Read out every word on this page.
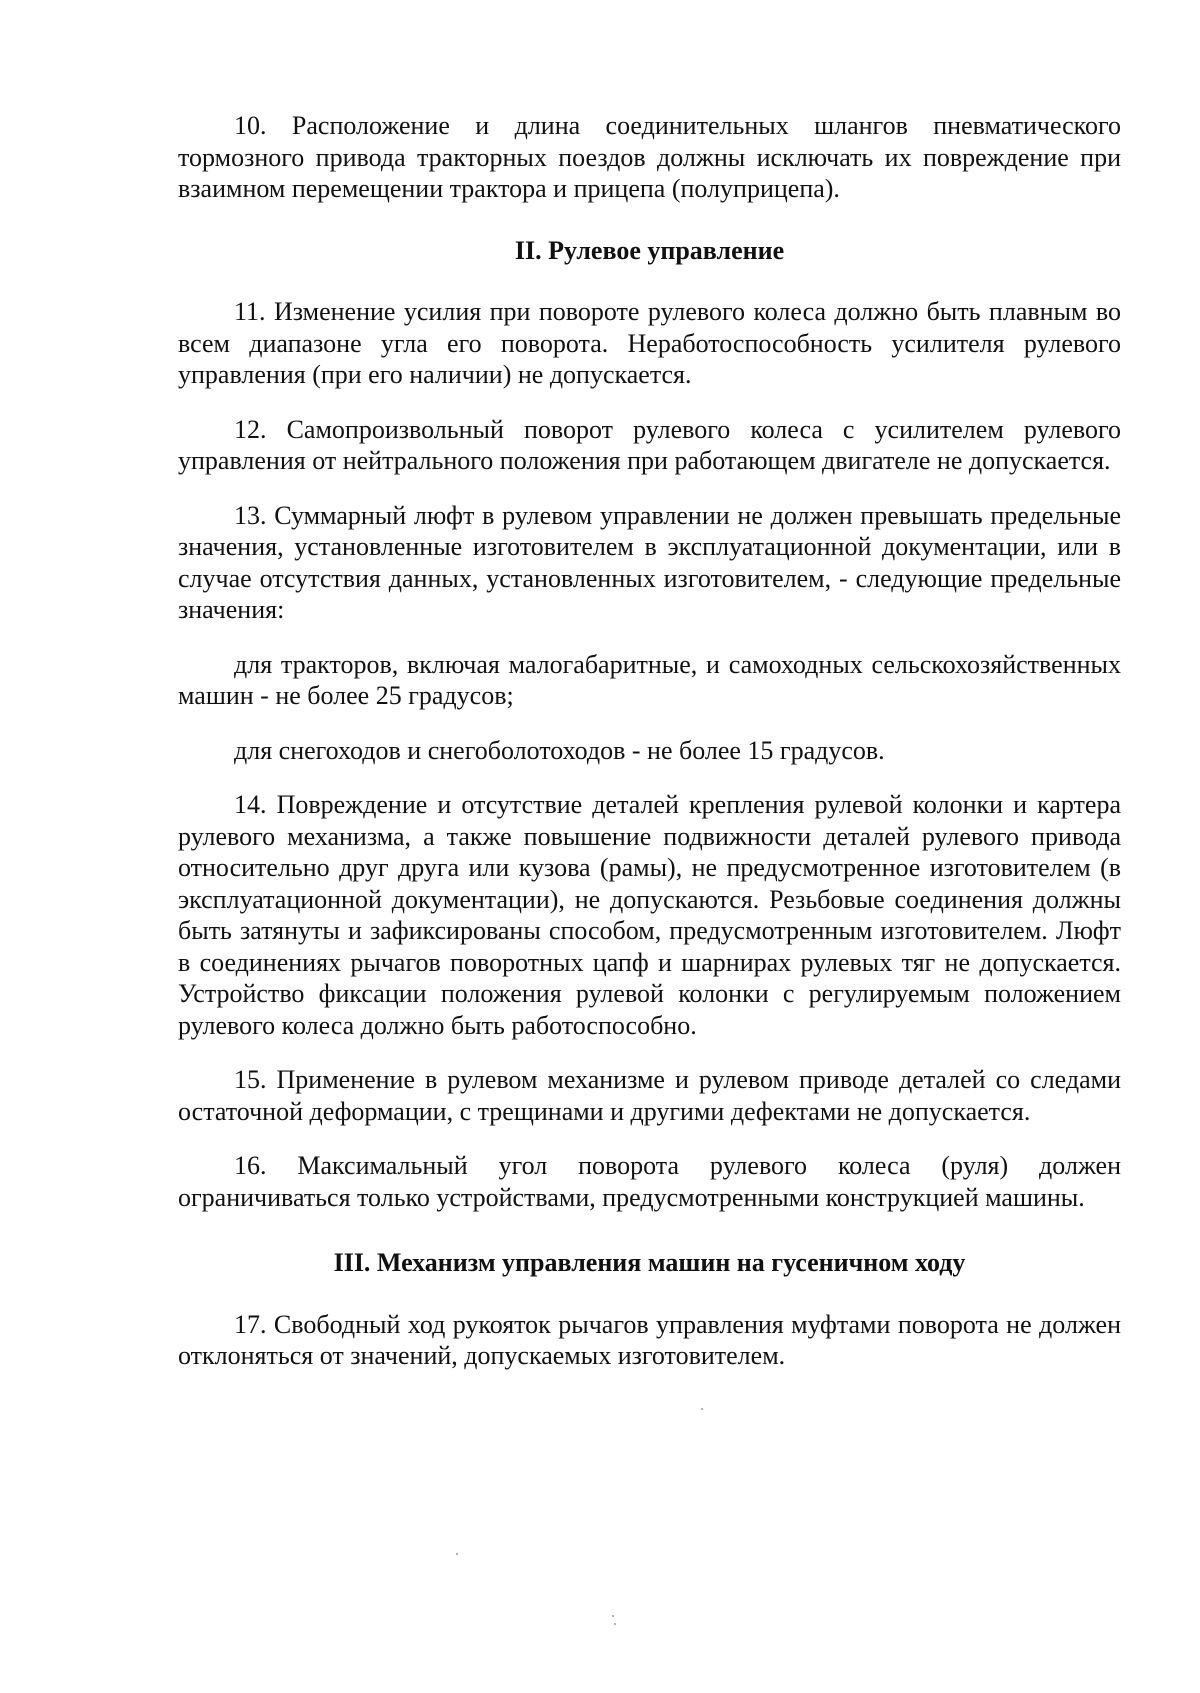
10. Расположение и длина соединительных шлангов пневматического тормозного привода тракторных поездов должны исключать их повреждение при взаимном перемещении трактора и прицепа (полуприцепа).

II. Рулевое управление

11. Изменение усилия при повороте рулевого колеса должно быть плавным во всем диапазоне угла его поворота. Неработоспособность усилителя рулевого управления (при его наличии) не допускается.

12. Самопроизвольный поворот рулевого колеса с усилителем рулевого управления от нейтрального положения при работающем двигателе не допускается.

13. Суммарный люфт в рулевом управлении не должен превышать предельные значения, установленные изготовителем в эксплуатационной документации, или в случае отсутствия данных, установленных изготовителем, - следующие предельные значения:

для тракторов, включая малогабаритные, и самоходных сельскохозяйственных машин - не более 25 градусов;

для снегоходов и снегоболотоходов - не более 15 градусов.

14. Повреждение и отсутствие деталей крепления рулевой колонки и картера рулевого механизма, а также повышение подвижности деталей рулевого привода относительно друг друга или кузова (рамы), не предусмотренное изготовителем (в эксплуатационной документации), не допускаются. Резьбовые соединения должны быть затянуты и зафиксированы способом, предусмотренным изготовителем. Люфт в соединениях рычагов поворотных цапф и шарнирах рулевых тяг не допускается. Устройство фиксации положения рулевой колонки с регулируемым положением рулевого колеса должно быть работоспособно.

15. Применение в рулевом механизме и рулевом приводе деталей со следами остаточной деформации, с трещинами и другими дефектами не допускается.

16. Максимальный угол поворота рулевого колеса (руля) должен ограничиваться только устройствами, предусмотренными конструкцией машины.

III. Механизм управления машин на гусеничном ходу

17. Свободный ход рукояток рычагов управления муфтами поворота не должен отклоняться от значений, допускаемых изготовителем.
